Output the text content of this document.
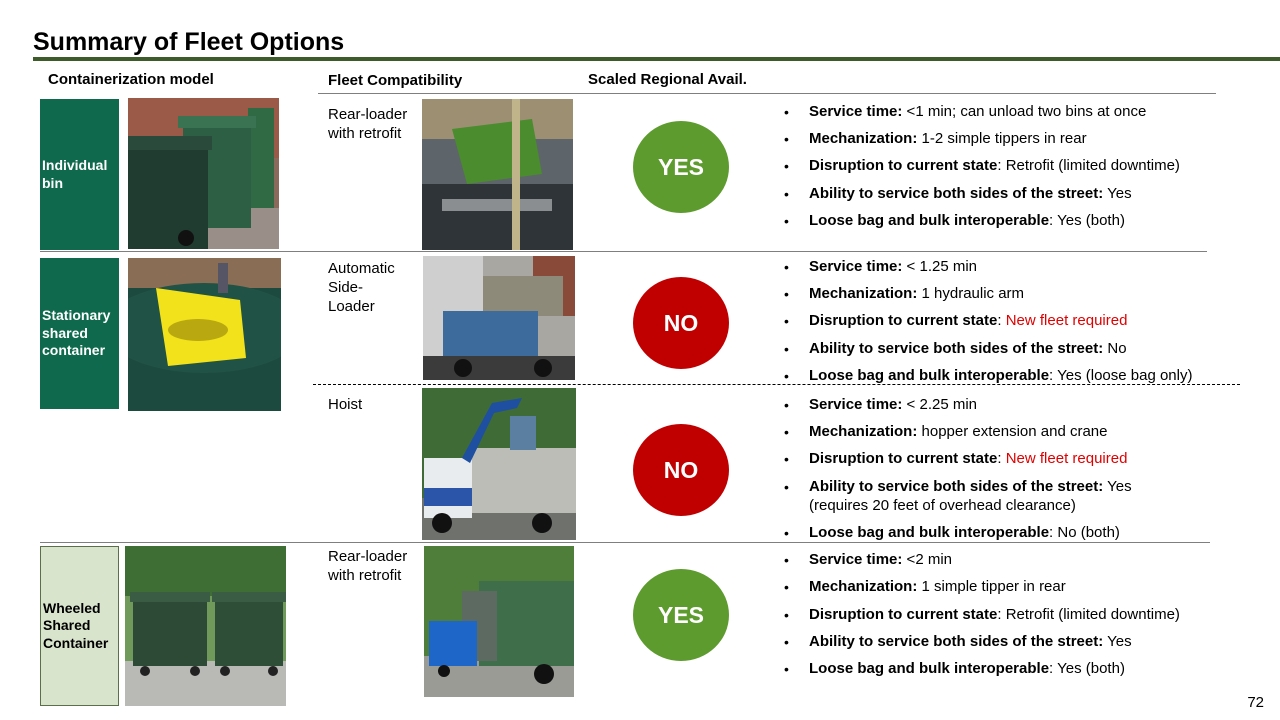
Summary of Fleet Options
Containerization model	Fleet Compatibility	Scaled Regional Avail.
Individual
bin
Stationary
shared
container
Wheeled
Shared
Container
Rear-loader
with retrofit
Automatic
Side-
Loader
Hoist
Rear-loader
with retrofit
YES
NO
NO
YES
• Service time: <1 min; can unload two bins at once
• Mechanization: 1-2 simple tippers in rear
• Disruption to current state: Retrofit (limited downtime)
• Ability to service both sides of the street: Yes
• Loose bag and bulk interoperable: Yes (both)
• Service time: < 1.25 min
• Mechanization: 1 hydraulic arm
• Disruption to current state: New fleet required
• Ability to service both sides of the street: No
• Loose bag and bulk interoperable: Yes (loose bag only)
• Service time: < 2.25 min
• Mechanization: hopper extension and crane
• Disruption to current state: New fleet required
• Ability to service both sides of the street: Yes
(requires 20 feet of overhead clearance)
• Loose bag and bulk interoperable: No (both)
• Service time: <2 min
• Mechanization: 1 simple tipper in rear
• Disruption to current state: Retrofit (limited downtime)
• Ability to service both sides of the street: Yes
• Loose bag and bulk interoperable: Yes (both)
72
